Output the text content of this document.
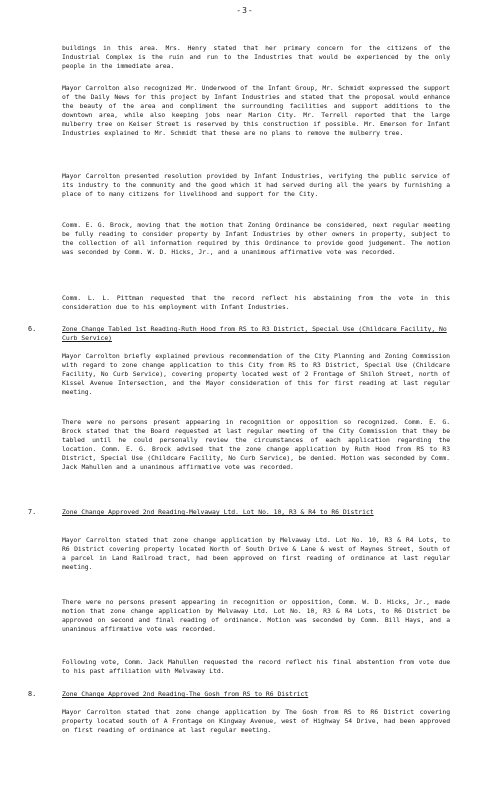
-3-
buildings in this area. Mrs. Henry stated that her primary concern for the citizens of the Industrial Complex is the ruin and run to the Industries that would be experienced by the only people in the immediate area.
Mayor Carrolton also recognized Mr. Underwood of the Infant Group, Mr. Schmidt expressed the support of the Daily News for this project by Infant Industries and stated that the proposal would enhance the beauty of the area and compliment the surrounding facilities and support additions to the downtown area, while also keeping jobs near Marion City. Mr. Terrell reported that the large mulberry tree on Keiser Street is reserved by this construction if possible. Mr. Emerson for Infant Industries explained to Mr. Schmidt that these are no plans to remove the mulberry tree.
Mayor Carrolton presented resolution provided by Infant Industries, verifying the public service of its industry to the community and the good which it had served during all the years by furnishing a place of to many citizens for livelihood and support for the City.
Comm. E. G. Brock, moving that the motion that Zoning Ordinance be considered, next regular meeting be fully reading to consider property by Infant Industries by other owners in property, subject to the collection of all information required by this Ordinance to provide good judgement. The motion was seconded by Comm. W. D. Hicks, Jr., and a unanimous affirmative vote was recorded.
Comm. L. L. Pittman requested that the record reflect his abstaining from the vote in this consideration due to his employment with Infant Industries.
6.	Zone Change Tabled 1st Reading-Ruth Hood from RS to R3 District, Special Use (Childcare Facility, No Curb Service)
Mayor Carrolton briefly explained previous recommendation of the City Planning and Zoning Commission with regard to zone change application to this City from RS to R3 District, Special Use (Childcare Facility, No Curb Service), covering property located west of 2 Frontage of Shiloh Street, north of Kissel Avenue Intersection, and the Mayor consideration of this for first reading at last regular meeting.
There were no persons present appearing in recognition or opposition so recognized. Comm. E. G. Brock stated that the Board requested at last regular meeting of the City Commission that they be tabled until he could personally review the circumstances of each application regarding the location. Comm. E. G. Brock advised that the zone change application by Ruth Hood from RS to R3 District, Special Use (Childcare Facility, No Curb Service), be denied. Motion was seconded by Comm. Jack Mahullen and a unanimous affirmative vote was recorded.
7.	Zone Change Approved 2nd Reading-Melvaway Ltd. Lot No. 10, R3 & R4 to R6 District
Mayor Carrolton stated that zone change application by Melvaway Ltd. Lot No. 10, R3 & R4 Lots, to R6 District covering property located North of South Drive & Lane & west of Maynes Street, South of a parcel in Land Railroad tract, had been approved on first reading of ordinance at last regular meeting.
There were no persons present appearing in recognition or opposition, Comm. W. D. Hicks, Jr., made motion that zone change application by Melvaway Ltd. Lot No. 10, R3 & R4 Lots, to R6 District be approved on second and final reading of ordinance. Motion was seconded by Comm. Bill Hays, and a unanimous affirmative vote was recorded.
Following vote, Comm. Jack Mahullen requested the record reflect his final abstention from vote due to his past affiliation with Melvaway Ltd.
8.	Zone Change Approved 2nd Reading-The Gosh from RS to R6 District
Mayor Carrolton stated that zone change application by The Gosh from RS to R6 District covering property located south of A Frontage on Kingway Avenue, west of Highway 54 Drive, had been approved on first reading of ordinance at last regular meeting.
